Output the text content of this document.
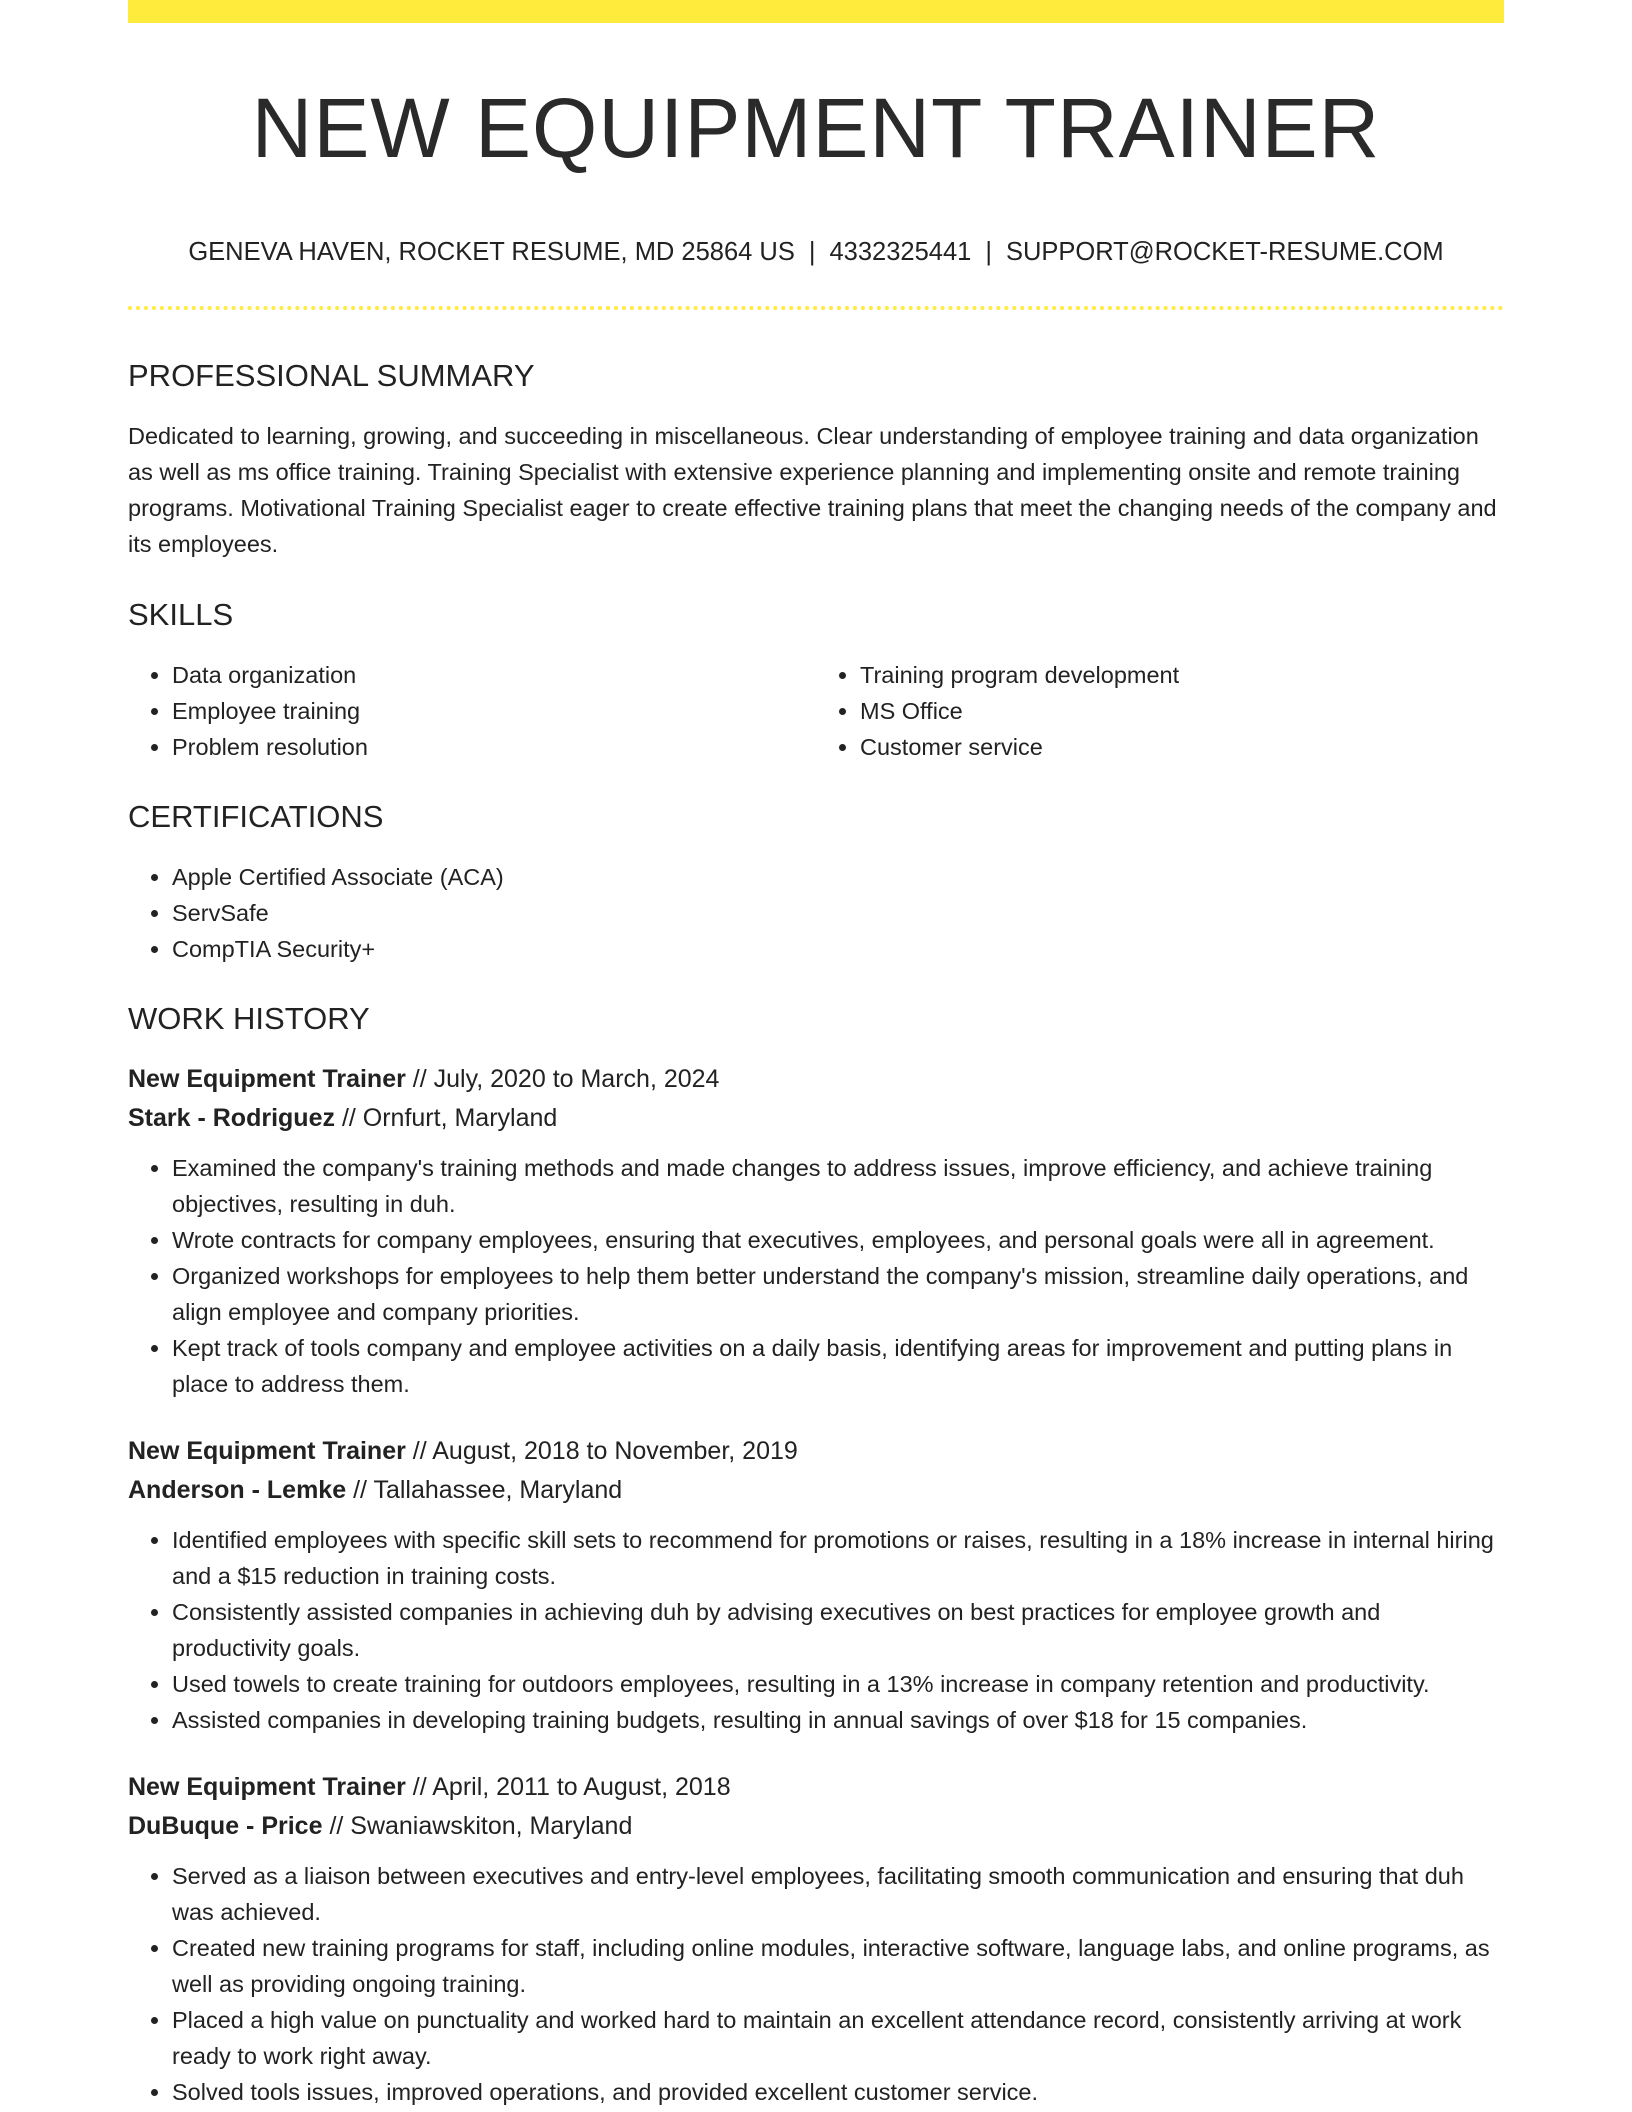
NEW EQUIPMENT TRAINER
GENEVA HAVEN, ROCKET RESUME, MD 25864 US | 4332325441 | SUPPORT@ROCKET-RESUME.COM
PROFESSIONAL SUMMARY

Dedicated to learning, growing, and succeeding in miscellaneous. Clear understanding of employee training and data organization as well as ms office training. Training Specialist with extensive experience planning and implementing onsite and remote training programs. Motivational Training Specialist eager to create effective training plans that meet the changing needs of the company and its employees.

SKILLS
• Data organization
• Employee training
• Problem resolution
• Training program development
• MS Office
• Customer service
CERTIFICATIONS
• Apple Certified Associate (ACA)
• ServSafe
• CompTIA Security+
WORK HISTORY
New Equipment Trainer // July, 2020 to March, 2024
Stark - Rodriguez // Ornfurt, Maryland
• Examined the company's training methods and made changes to address issues, improve efficiency, and achieve training objectives, resulting in duh.
• Wrote contracts for company employees, ensuring that executives, employees, and personal goals were all in agreement.
• Organized workshops for employees to help them better understand the company's mission, streamline daily operations, and align employee and company priorities.
• Kept track of tools company and employee activities on a daily basis, identifying areas for improvement and putting plans in place to address them.
New Equipment Trainer // August, 2018 to November, 2019
Anderson - Lemke // Tallahassee, Maryland
• Identified employees with specific skill sets to recommend for promotions or raises, resulting in a 18% increase in internal hiring and a $15 reduction in training costs.
• Consistently assisted companies in achieving duh by advising executives on best practices for employee growth and productivity goals.
• Used towels to create training for outdoors employees, resulting in a 13% increase in company retention and productivity.
• Assisted companies in developing training budgets, resulting in annual savings of over $18 for 15 companies.
New Equipment Trainer // April, 2011 to August, 2018
DuBuque - Price // Swaniawskiton, Maryland
• Served as a liaison between executives and entry-level employees, facilitating smooth communication and ensuring that duh was achieved.
• Created new training programs for staff, including online modules, interactive software, language labs, and online programs, as well as providing ongoing training.
• Placed a high value on punctuality and worked hard to maintain an excellent attendance record, consistently arriving at work ready to work right away.
• Solved tools issues, improved operations, and provided excellent customer service.
